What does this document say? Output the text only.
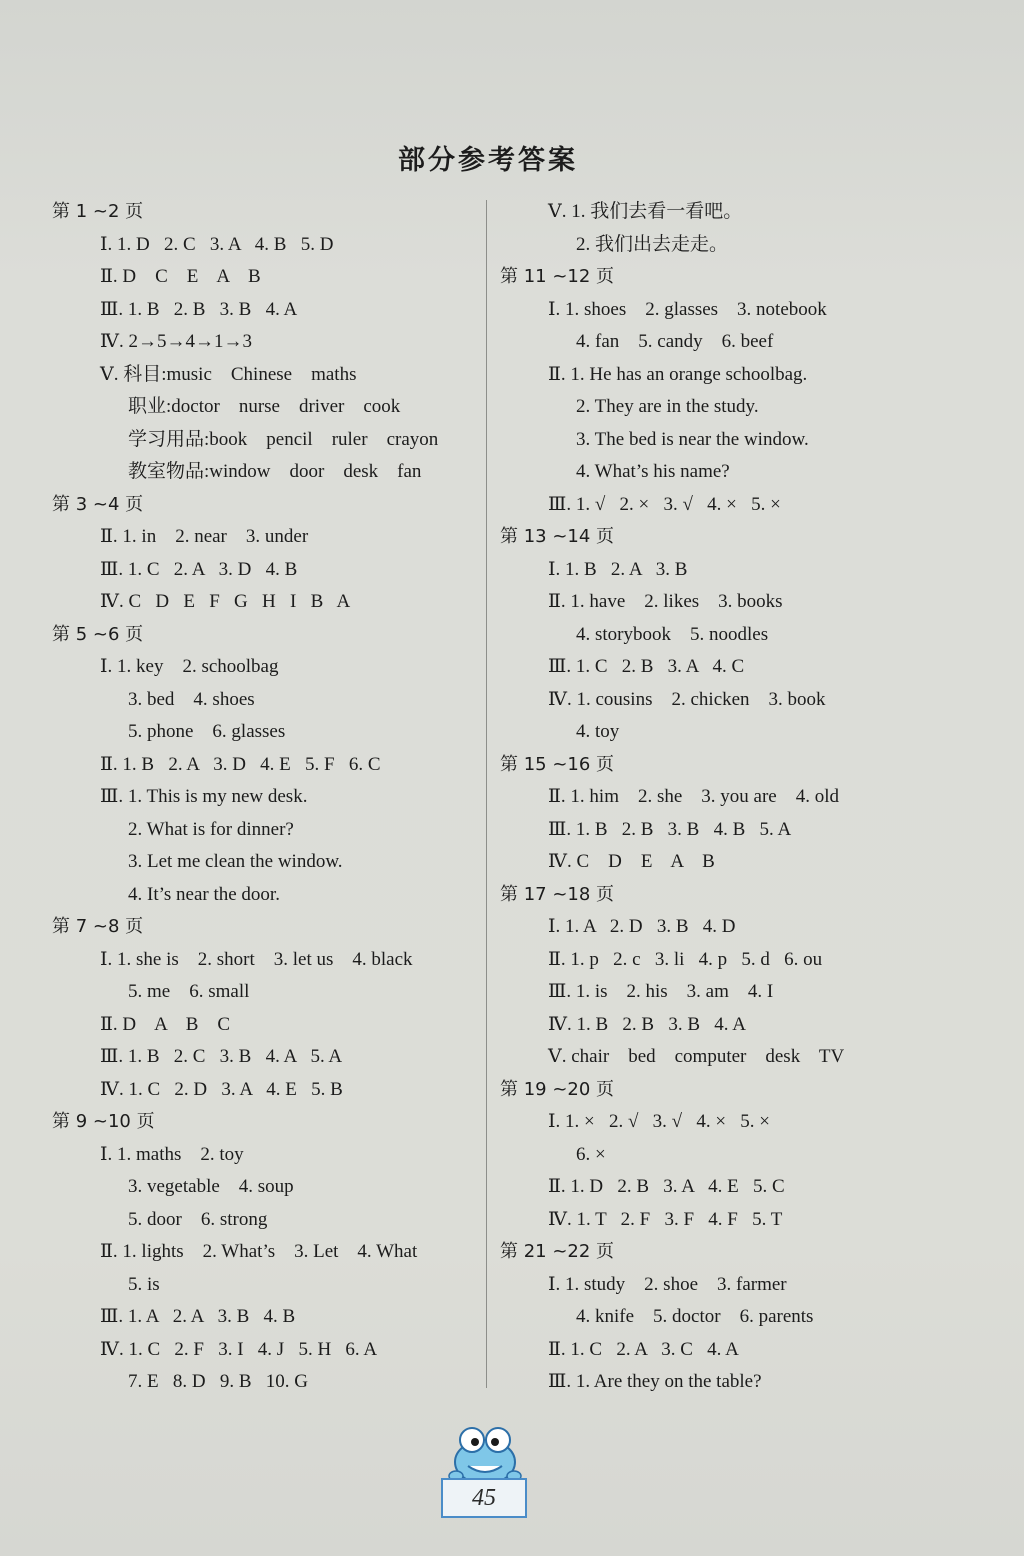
部分参考答案
第 1 ~2 页
Ⅰ. 1. D   2. C   3. A   4. B   5. D
Ⅱ. D    C    E    A    B
Ⅲ. 1. B   2. B   3. B   4. A
Ⅳ. 2→5→4→1→3
Ⅴ. 科目:music    Chinese    maths
职业:doctor    nurse    driver    cook
学习用品:book    pencil    ruler    crayon
教室物品:window    door    desk    fan
第 3 ~4 页
Ⅱ. 1. in    2. near    3. under
Ⅲ. 1. C   2. A   3. D   4. B
Ⅳ. C   D   E   F   G   H   I   B   A
第 5 ~6 页
Ⅰ. 1. key    2. schoolbag
3. bed    4. shoes
5. phone    6. glasses
Ⅱ. 1. B   2. A   3. D   4. E   5. F   6. C
Ⅲ. 1. This is my new desk.
2. What is for dinner?
3. Let me clean the window.
4. It’s near the door.
第 7 ~8 页
Ⅰ. 1. she is    2. short    3. let us    4. black
5. me    6. small
Ⅱ. D    A    B    C
Ⅲ. 1. B   2. C   3. B   4. A   5. A
Ⅳ. 1. C   2. D   3. A   4. E   5. B
第 9 ~10 页
Ⅰ. 1. maths    2. toy
3. vegetable    4. soup
5. door    6. strong
Ⅱ. 1. lights    2. What’s    3. Let    4. What
5. is
Ⅲ. 1. A   2. A   3. B   4. B
Ⅳ. 1. C   2. F   3. I   4. J   5. H   6. A
7. E   8. D   9. B   10. G
Ⅴ. 1. 我们去看一看吧。
2. 我们出去走走。
第 11 ~12 页
Ⅰ. 1. shoes    2. glasses    3. notebook
4. fan    5. candy    6. beef
Ⅱ. 1. He has an orange schoolbag.
2. They are in the study.
3. The bed is near the window.
4. What’s his name?
Ⅲ. 1. √   2. ×   3. √   4. ×   5. ×
第 13 ~14 页
Ⅰ. 1. B   2. A   3. B
Ⅱ. 1. have    2. likes    3. books
4. storybook    5. noodles
Ⅲ. 1. C   2. B   3. A   4. C
Ⅳ. 1. cousins    2. chicken    3. book
4. toy
第 15 ~16 页
Ⅱ. 1. him    2. she    3. you are    4. old
Ⅲ. 1. B   2. B   3. B   4. B   5. A
Ⅳ. C    D    E    A    B
第 17 ~18 页
Ⅰ. 1. A   2. D   3. B   4. D
Ⅱ. 1. p   2. c   3. li   4. p   5. d   6. ou
Ⅲ. 1. is    2. his    3. am    4. I
Ⅳ. 1. B   2. B   3. B   4. A
Ⅴ. chair    bed    computer    desk    TV
第 19 ~20 页
Ⅰ. 1. ×   2. √   3. √   4. ×   5. ×
6. ×
Ⅱ. 1. D   2. B   3. A   4. E   5. C
Ⅳ. 1. T   2. F   3. F   4. F   5. T
第 21 ~22 页
Ⅰ. 1. study    2. shoe    3. farmer
4. knife    5. doctor    6. parents
Ⅱ. 1. C   2. A   3. C   4. A
Ⅲ. 1. Are they on the table?
45
